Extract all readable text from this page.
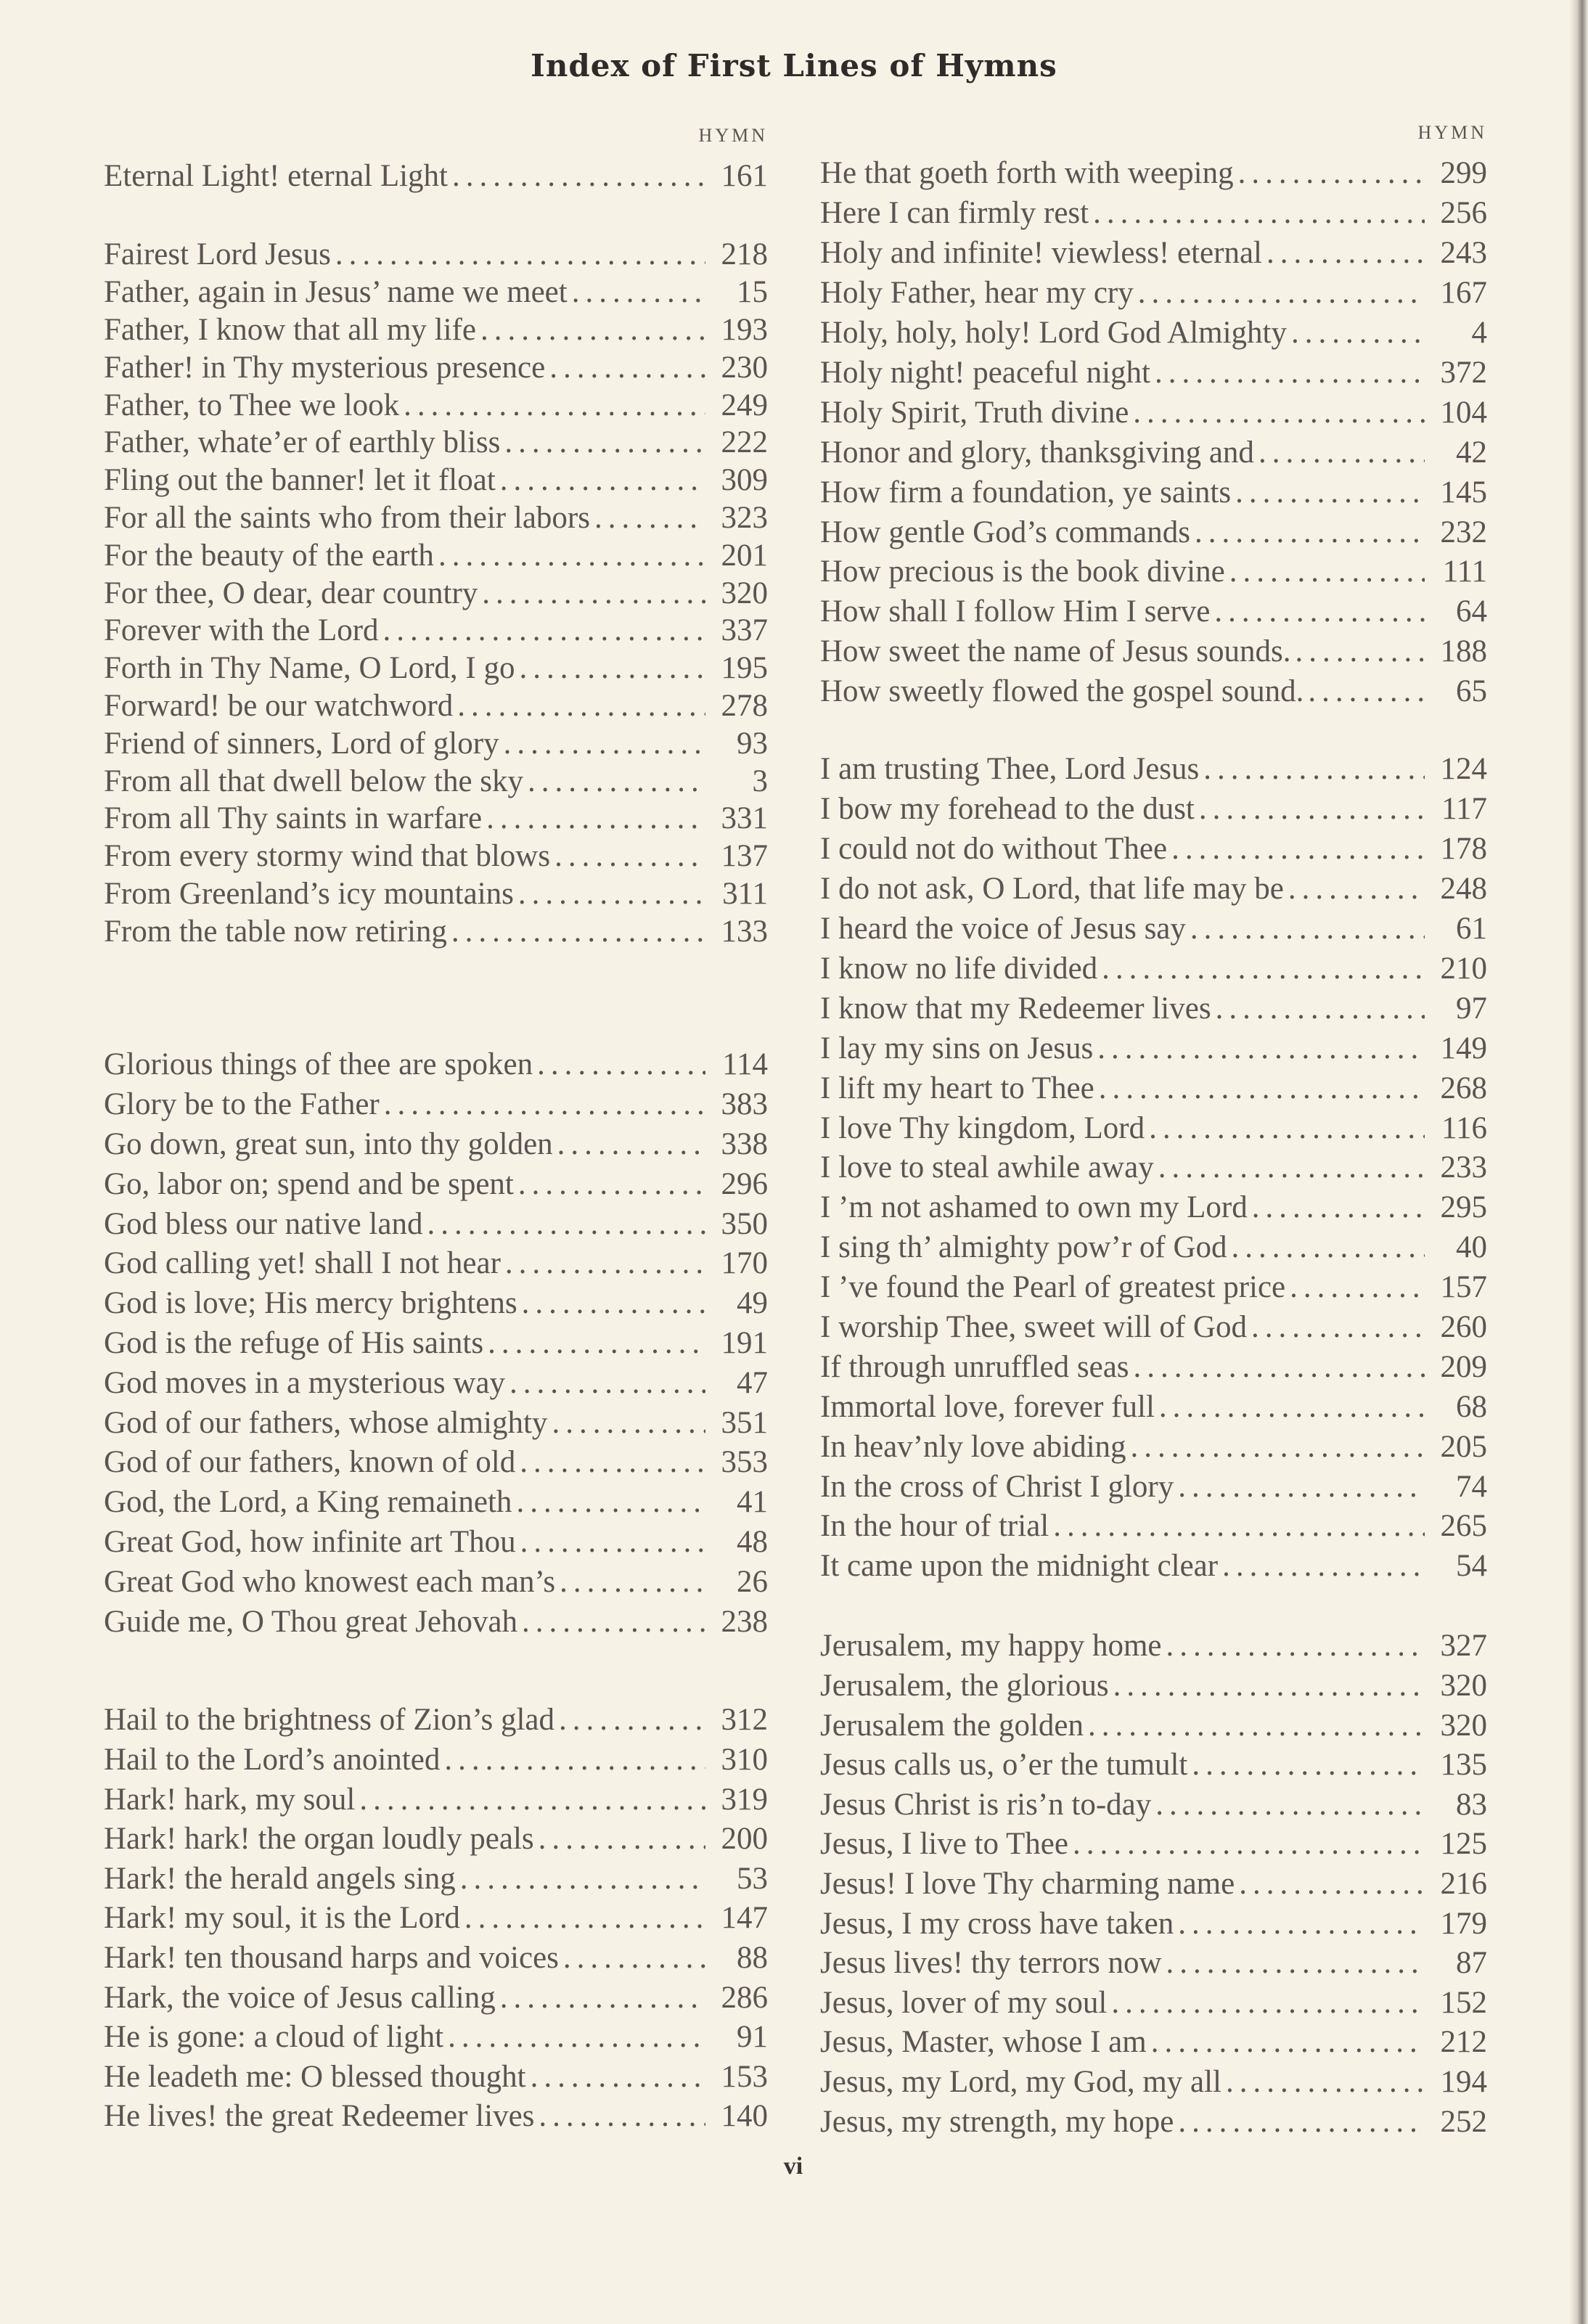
Index of First Lines of Hymns
HYMN	HYMN
Eternal Light! eternal Light .....	161
Fairest Lord Jesus .....	218
Father, again in Jesus’ name we meet .....	15
Father, I know that all my life .....	193
Father! in Thy mysterious presence .....	230
Father, to Thee we look .....	249
Father, whate’er of earthly bliss .....	222
Fling out the banner! let it float .....	309
For all the saints who from their labors .....	323
For the beauty of the earth .....	201
For thee, O dear, dear country .....	320
Forever with the Lord .....	337
Forth in Thy Name, O Lord, I go .....	195
Forward! be our watchword .....	278
Friend of sinners, Lord of glory .....	93
From all that dwell below the sky .....	3
From all Thy saints in warfare .....	331
From every stormy wind that blows .....	137
From Greenland’s icy mountains .....	311
From the table now retiring .....	133
Glorious things of thee are spoken .....	114
Glory be to the Father .....	383
Go down, great sun, into thy golden .....	338
Go, labor on; spend and be spent .....	296
God bless our native land .....	350
God calling yet! shall I not hear .....	170
God is love; His mercy brightens .....	49
God is the refuge of His saints .....	191
God moves in a mysterious way .....	47
God of our fathers, whose almighty .....	351
God of our fathers, known of old .....	353
God, the Lord, a King remaineth .....	41
Great God, how infinite art Thou .....	48
Great God who knowest each man’s .....	26
Guide me, O Thou great Jehovah .....	238
Hail to the brightness of Zion’s glad .....	312
Hail to the Lord’s anointed .....	310
Hark! hark, my soul .....	319
Hark! hark! the organ loudly peals .....	200
Hark! the herald angels sing .....	53
Hark! my soul, it is the Lord .....	147
Hark! ten thousand harps and voices .....	88
Hark, the voice of Jesus calling .....	286
He is gone: a cloud of light .....	91
He leadeth me: O blessed thought .....	153
He lives! the great Redeemer lives .....	140
He that goeth forth with weeping .....	299
Here I can firmly rest .....	256
Holy and infinite! viewless! eternal .....	243
Holy Father, hear my cry .....	167
Holy, holy, holy! Lord God Almighty .....	4
Holy night! peaceful night .....	372
Holy Spirit, Truth divine .....	104
Honor and glory, thanksgiving and .....	42
How firm a foundation, ye saints .....	145
How gentle God’s commands .....	232
How precious is the book divine .....	111
How shall I follow Him I serve .....	64
How sweet the name of Jesus sounds. .....	188
How sweetly flowed the gospel sound. .....	65
I am trusting Thee, Lord Jesus .....	124
I bow my forehead to the dust .....	117
I could not do without Thee .....	178
I do not ask, O Lord, that life may be .....	248
I heard the voice of Jesus say .....	61
I know no life divided .....	210
I know that my Redeemer lives .....	97
I lay my sins on Jesus .....	149
I lift my heart to Thee .....	268
I love Thy kingdom, Lord .....	116
I love to steal awhile away .....	233
I ’m not ashamed to own my Lord .....	295
I sing th’ almighty pow’r of God .....	40
I ’ve found the Pearl of greatest price .....	157
I worship Thee, sweet will of God .....	260
If through unruffled seas .....	209
Immortal love, forever full .....	68
In heav’nly love abiding .....	205
In the cross of Christ I glory .....	74
In the hour of trial .....	265
It came upon the midnight clear .....	54
Jerusalem, my happy home .....	327
Jerusalem, the glorious .....	320
Jerusalem the golden .....	320
Jesus calls us, o’er the tumult .....	135
Jesus Christ is ris’n to-day .....	83
Jesus, I live to Thee .....	125
Jesus! I love Thy charming name .....	216
Jesus, I my cross have taken .....	179
Jesus lives! thy terrors now .....	87
Jesus, lover of my soul .....	152
Jesus, Master, whose I am .....	212
Jesus, my Lord, my God, my all .....	194
Jesus, my strength, my hope .....	252
vi
